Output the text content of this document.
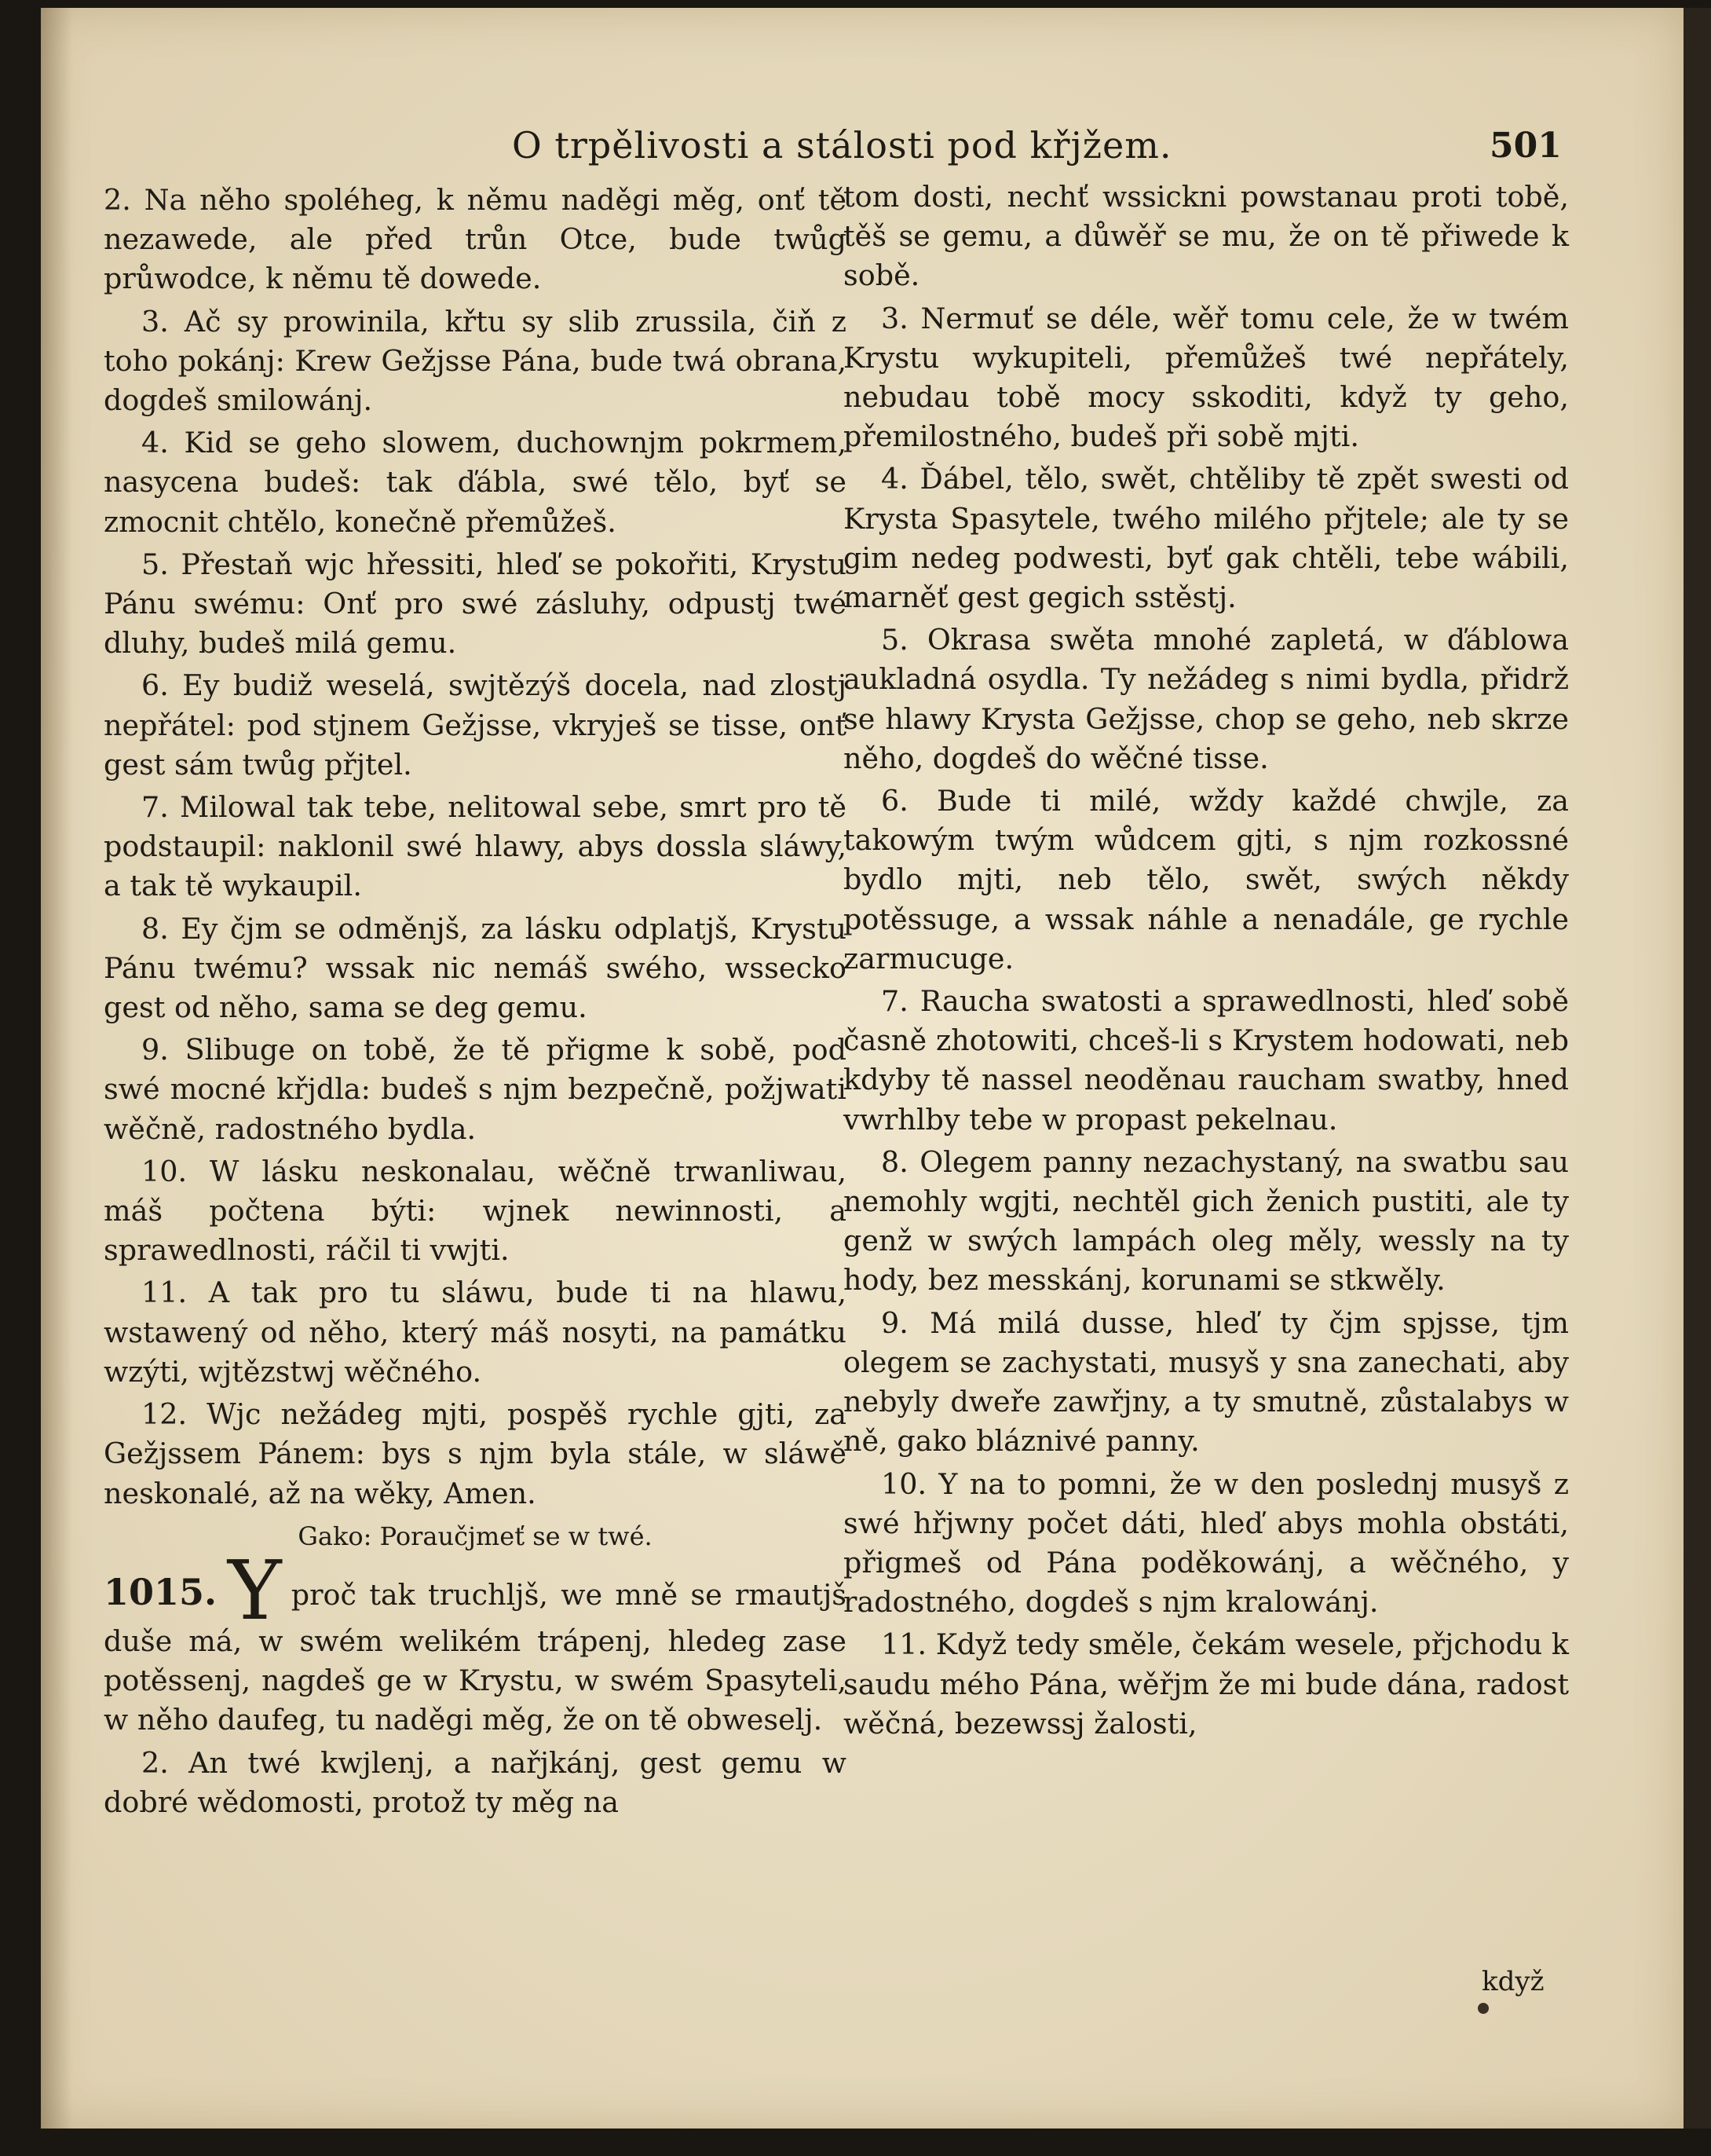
O trpělivosti a stálosti pod křjžem.	501

2. Na něho spoléheg, k němu naděgi měg, onť tě nezawede, ale před trůn Otce, bude twůg průwodce, k němu tě dowede.

3. Ač sy prowinila, křtu sy slib zrussila, čiň z toho pokánj: Krew Gežjsse Pána, bude twá obrana, dogdeš smilowánj.

4. Kid se geho slowem, duchownjm pokrmem, nasycena budeš: tak ďábla, swé tělo, byť se zmocnit chtělo, konečně přemůžeš.

5. Přestaň wjc hřessiti, hleď se pokořiti, Krystu Pánu swému: Onť pro swé zásluhy, odpustj twé dluhy, budeš milá gemu.

6. Ey budiž weselá, swjtězýš docela, nad zlostj nepřátel: pod stjnem Gežjsse, vkryješ se tisse, onť gest sám twůg přjtel.

7. Milowal tak tebe, nelitowal sebe, smrt pro tě podstaupil: naklonil swé hlawy, abys dossla sláwy, a tak tě wykaupil.

8. Ey čjm se odměnjš, za lásku odplatjš, Krystu Pánu twému? wssak nic nemáš swého, wsseckо gest od něho, sama se deg gemu.

9. Slibuge on tobě, že tě přigme k sobě, pod swé mocné křjdla: budeš s njm bezpečně, požjwati wěčně, radostného bydla.

10. W lásku neskonalau, wěčně trwanliwau, máš počtena býti: wjnek newinnosti, a sprawedlnosti, ráčil ti vwjti.

11. A tak pro tu sláwu, bude ti na hlawu, wstawený od něho, který máš nosyti, na památku wzýti, wjtězstwj wěčného.

12. Wjc nežádeg mjti, pospěš rychle gjti, za Gežjssem Pánem: bys s njm byla stále, w sláwě neskonalé, až na wěky, Amen.

Gako: Poraučjmeť se w twé.

1015. Y proč tak truchljš, we mně se rmautjš duše má, w swém welikém trápenj, hledeg zase potěssenj, nagdeš ge w Krystu, w swém Spasyteli, w něho daufeg, tu naděgi měg, že on tě obweselj.

2. An twé kwjlenj, a nařjkánj, gest gemu w dobré wědomosti, protož ty měg na

tom dosti, nechť wssickni powstanau proti tobě, těš se gemu, a důwěř se mu, že on tě přiwede k sobě.

3. Nermuť se déle, wěř tomu cele, že w twém Krystu wykupiteli, přemůžeš twé nepřátely, nebudau tobě mocy sskoditi, když ty geho, přemilostného, budeš při sobě mjti.

4. Ďábel, tělo, swět, chtěliby tě zpět swesti od Krysta Spasytele, twého milého přjtele; ale ty se gim nedeg podwesti, byť gak chtěli, tebe wábili, marněť gest gegich sstěstj.

5. Okrasa swěta mnohé zapletá, w ďáblowa aukladná osydla. Ty nežádeg s nimi bydla, přidrž se hlawy Krysta Gežjsse, chop se geho, neb skrze něho, dogdeš do wěčné tisse.

6. Bude ti milé, wždy každé chwjle, za takowým twým wůdcem gjti, s njm rozkossné bydlo mjti, neb tělo, swět, swých někdy potěssuge, a wssak náhle a nenadále, ge rychle zarmucuge.

7. Raucha swatosti a sprawedlnosti, hleď sobě časně zhotowiti, chceš-li s Krystem hodowati, neb kdyby tě nassel neoděnau raucham swatby, hned vwrhlby tebe w propast pekelnau.

8. Olegem panny nezachystaný, na swatbu sau nemohly wgjti, nechtěl gich ženich pustiti, ale ty genž w swých lampách oleg měly, wessly na ty hody, bez messkánj, korunami se stkwěly.

9. Má milá dusse, hleď ty čjm spjsse, tjm olegem se zachystati, musyš y sna zanechati, aby nebyly dweře zawřjny, a ty smutně, zůstalabys w ně, gako bláznivé panny.

10. Y na to pomni, že w den poslednj musyš z swé hřjwny počet dáti, hleď abys mohla obstáti, přigmeš od Pána poděkowánj, a wěčného, y radostného, dogdeš s njm kralowánj.

11. Když tedy směle, čekám wesele, přjchodu k saudu mého Pána, wěřjm že mi bude dána, radost wěčná, bezewssj žalosti,

když
